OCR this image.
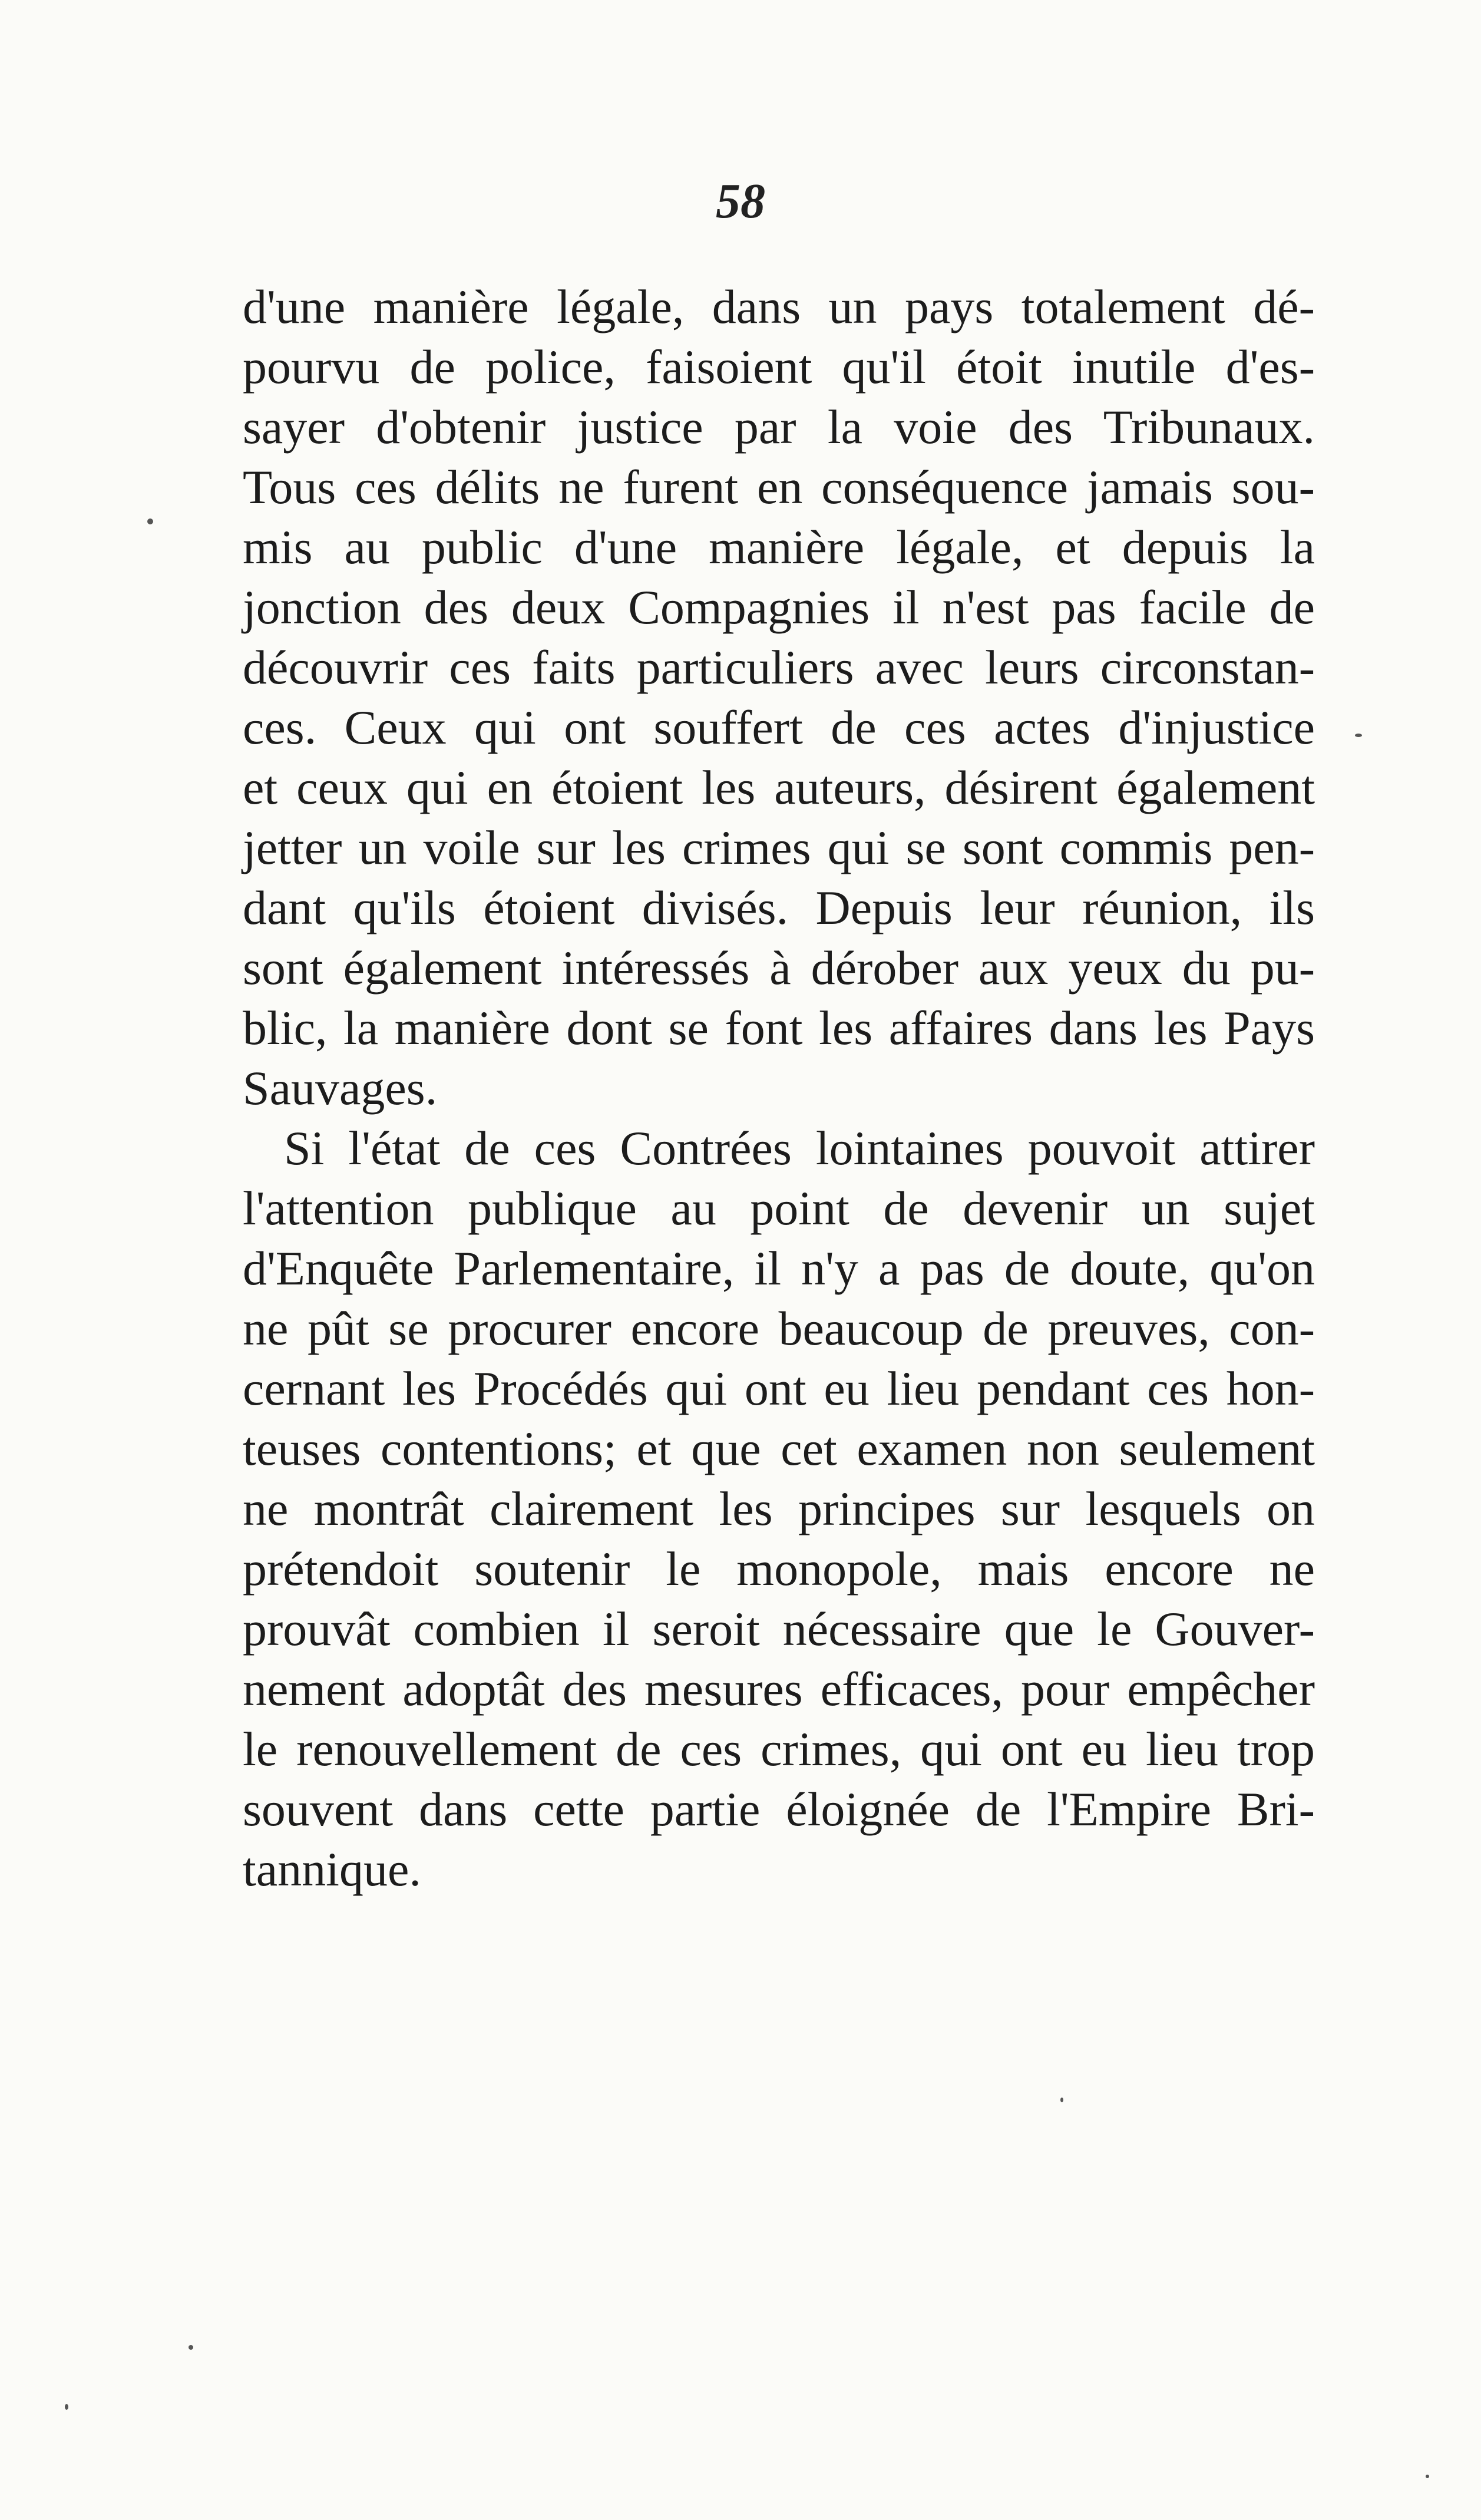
58
d'une manière légale, dans un pays totalement dé-
pourvu de police, faisoient qu'il étoit inutile d'es-
sayer d'obtenir justice par la voie des Tribunaux.
Tous ces délits ne furent en conséquence jamais sou-
mis au public d'une manière légale, et depuis la
jonction des deux Compagnies il n'est pas facile de
découvrir ces faits particuliers avec leurs circonstan-
ces. Ceux qui ont souffert de ces actes d'injustice
et ceux qui en étoient les auteurs, désirent également
jetter un voile sur les crimes qui se sont commis pen-
dant qu'ils étoient divisés. Depuis leur réunion, ils
sont également intéressés à dérober aux yeux du pu-
blic, la manière dont se font les affaires dans les Pays
Sauvages.
Si l'état de ces Contrées lointaines pouvoit attirer
l'attention publique au point de devenir un sujet
d'Enquête Parlementaire, il n'y a pas de doute, qu'on
ne pût se procurer encore beaucoup de preuves, con-
cernant les Procédés qui ont eu lieu pendant ces hon-
teuses contentions; et que cet examen non seulement
ne montrât clairement les principes sur lesquels on
prétendoit soutenir le monopole, mais encore ne
prouvât combien il seroit nécessaire que le Gouver-
nement adoptât des mesures efficaces, pour empêcher
le renouvellement de ces crimes, qui ont eu lieu trop
souvent dans cette partie éloignée de l'Empire Bri-
tannique.
